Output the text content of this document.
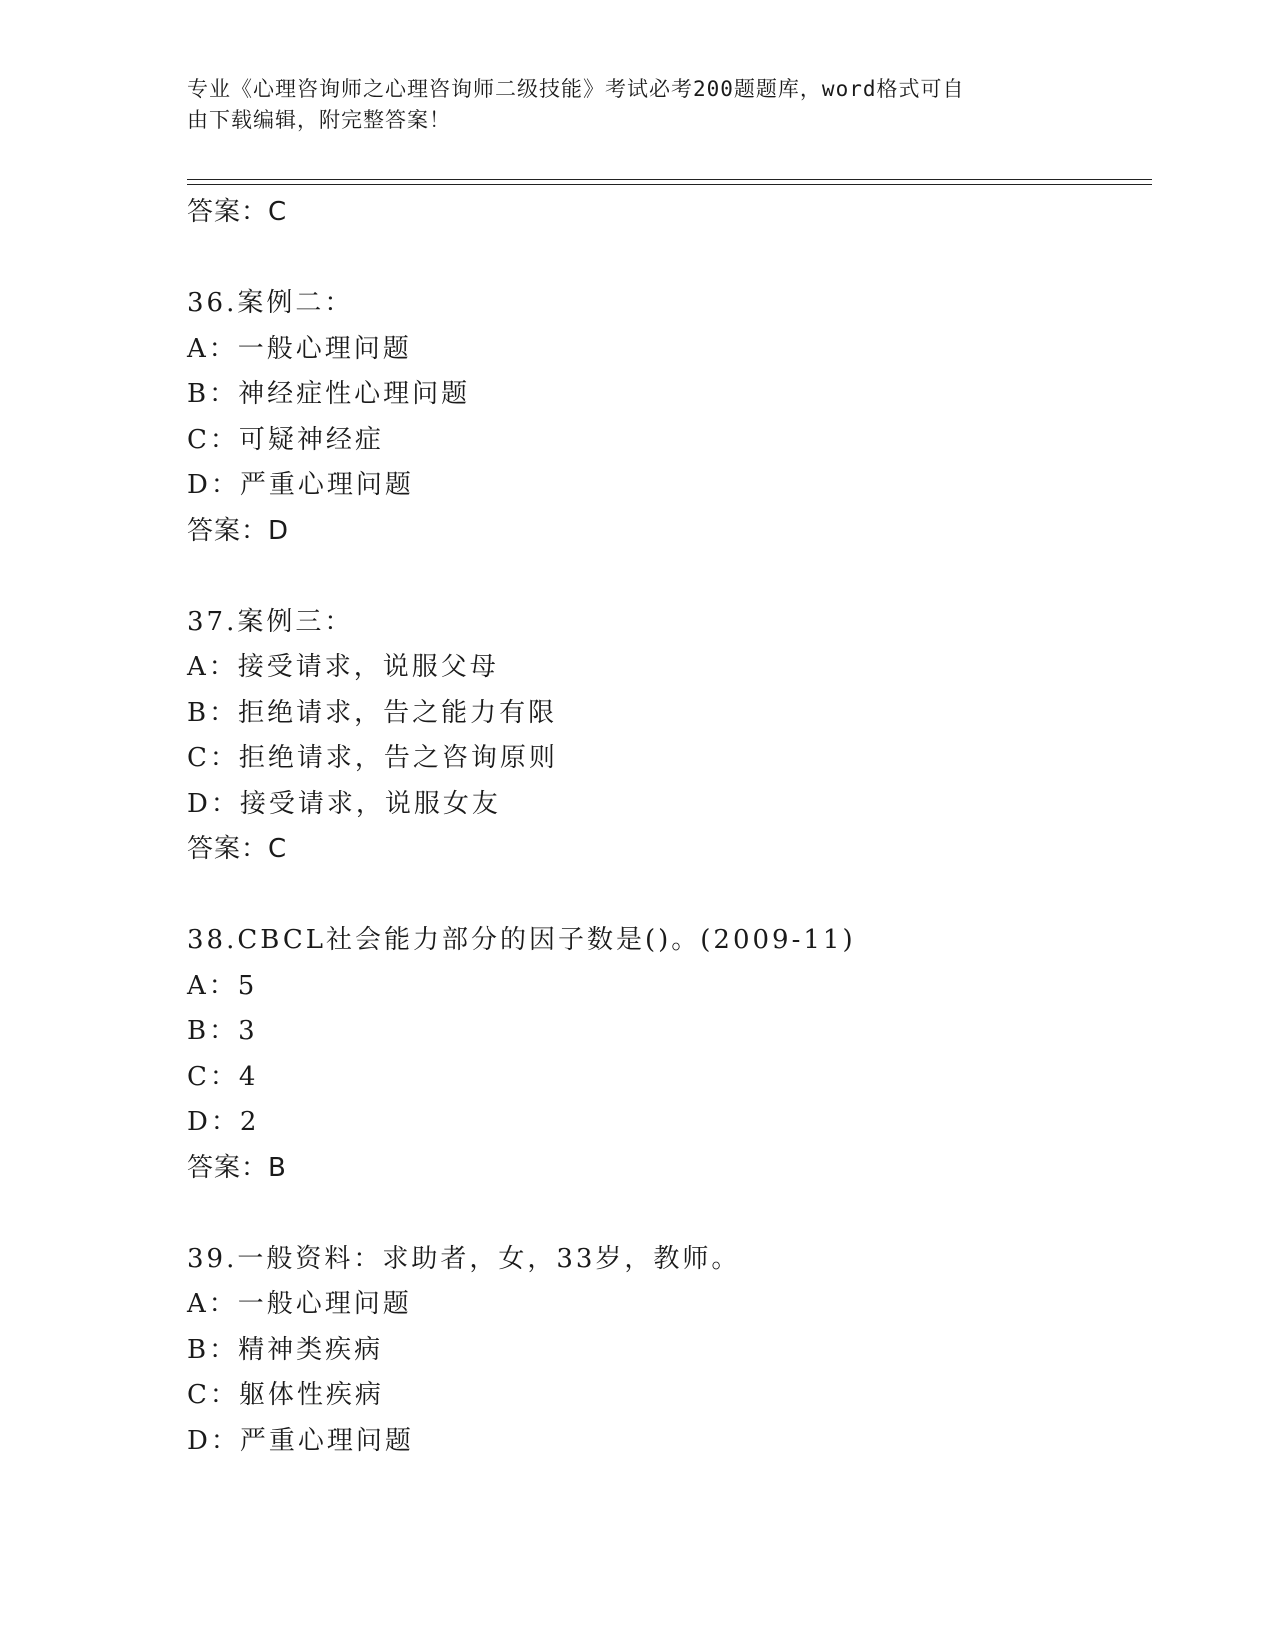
专业《心理咨询师之心理咨询师二级技能》考试必考200题题库，word格式可自

由下载编辑，附完整答案！

答案：C
36.案例二：
A：一般心理问题
B：神经症性心理问题
C：可疑神经症
D：严重心理问题
答案：D
37.案例三：
A：接受请求，说服父母
B：拒绝请求，告之能力有限
C：拒绝请求，告之咨询原则
D：接受请求，说服女友
答案：C
38.CBCL社会能力部分的因子数是()。(2009-11)
A：5
B：3
C：4
D：2
答案：B
39.一般资料：求助者，女，33岁，教师。
A：一般心理问题
B：精神类疾病
C：躯体性疾病
D：严重心理问题
